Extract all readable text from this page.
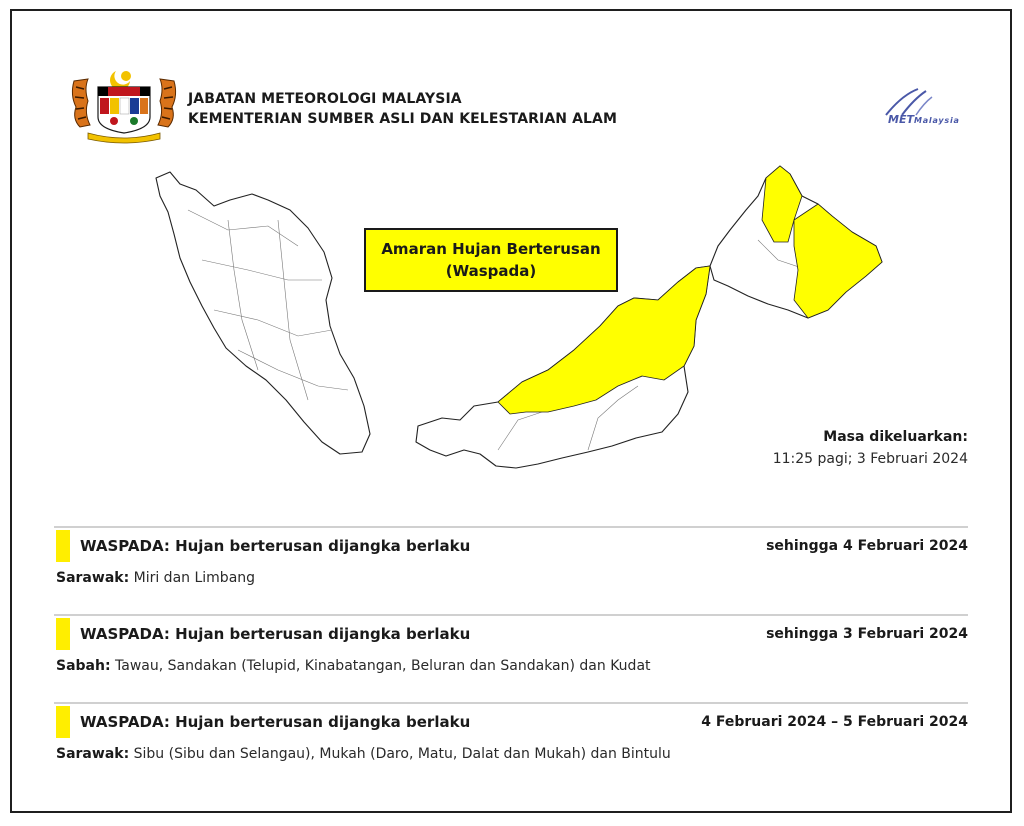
JABATAN METEOROLOGI MALAYSIA
KEMENTERIAN SUMBER ASLI DAN KELESTARIAN ALAM	METMalaysia
Amaran Hujan Berterusan
(Waspada)
Masa dikeluarkan:
11:25 pagi; 3 Februari 2024
WASPADA: Hujan berterusan dijangka berlaku	sehingga 4 Februari 2024
Sarawak: Miri dan Limbang
WASPADA: Hujan berterusan dijangka berlaku	sehingga 3 Februari 2024
Sabah: Tawau, Sandakan (Telupid, Kinabatangan, Beluran dan Sandakan) dan Kudat
WASPADA: Hujan berterusan dijangka berlaku	4 Februari 2024 – 5 Februari 2024
Sarawak: Sibu (Sibu dan Selangau), Mukah (Daro, Matu, Dalat dan Mukah) dan Bintulu
